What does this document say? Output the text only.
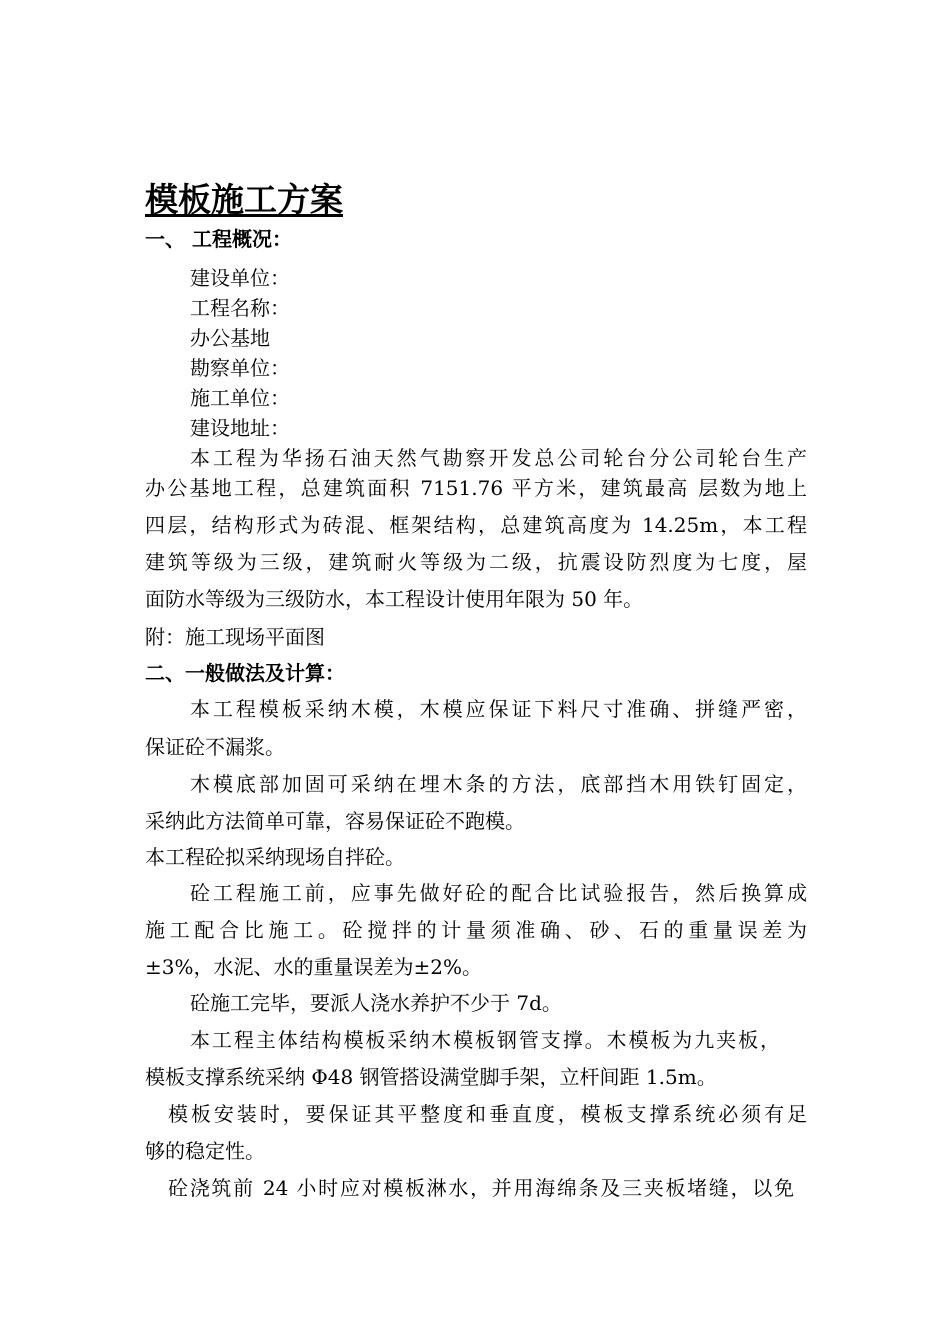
模板施工方案
一、 工程概况：
建设单位：
工程名称：
办公基地
勘察单位：
施工单位：
建设地址：
本工程为华扬石油天然气勘察开发总公司轮台分公司轮台生产
办公基地工程，总建筑面积 7151.76 平方米，建筑最高 层数为地上
四层，结构形式为砖混、框架结构，总建筑高度为 14.25m，本工程
建筑等级为三级，建筑耐火等级为二级，抗震设防烈度为七度，屋
面防水等级为三级防水，本工程设计使用年限为 50 年。
附：施工现场平面图
二、一般做法及计算：
本工程模板采纳木模，木模应保证下料尺寸准确、拼缝严密，
保证砼不漏浆。
木模底部加固可采纳在埋木条的方法，底部挡木用铁钉固定，
采纳此方法简单可靠，容易保证砼不跑模。
本工程砼拟采纳现场自拌砼。
砼工程施工前，应事先做好砼的配合比试验报告，然后换算成
施工配合比施工。砼搅拌的计量须准确、砂、石的重量误差为
±3%，水泥、水的重量误差为±2%。
砼施工完毕，要派人浇水养护不少于 7d。
本工程主体结构模板采纳木模板钢管支撑。木模板为九夹板，
模板支撑系统采纳 Φ48 钢管搭设满堂脚手架，立杆间距 1.5m。
模板安装时，要保证其平整度和垂直度，模板支撑系统必须有足
够的稳定性。
砼浇筑前 24 小时应对模板淋水，并用海绵条及三夹板堵缝，以免
